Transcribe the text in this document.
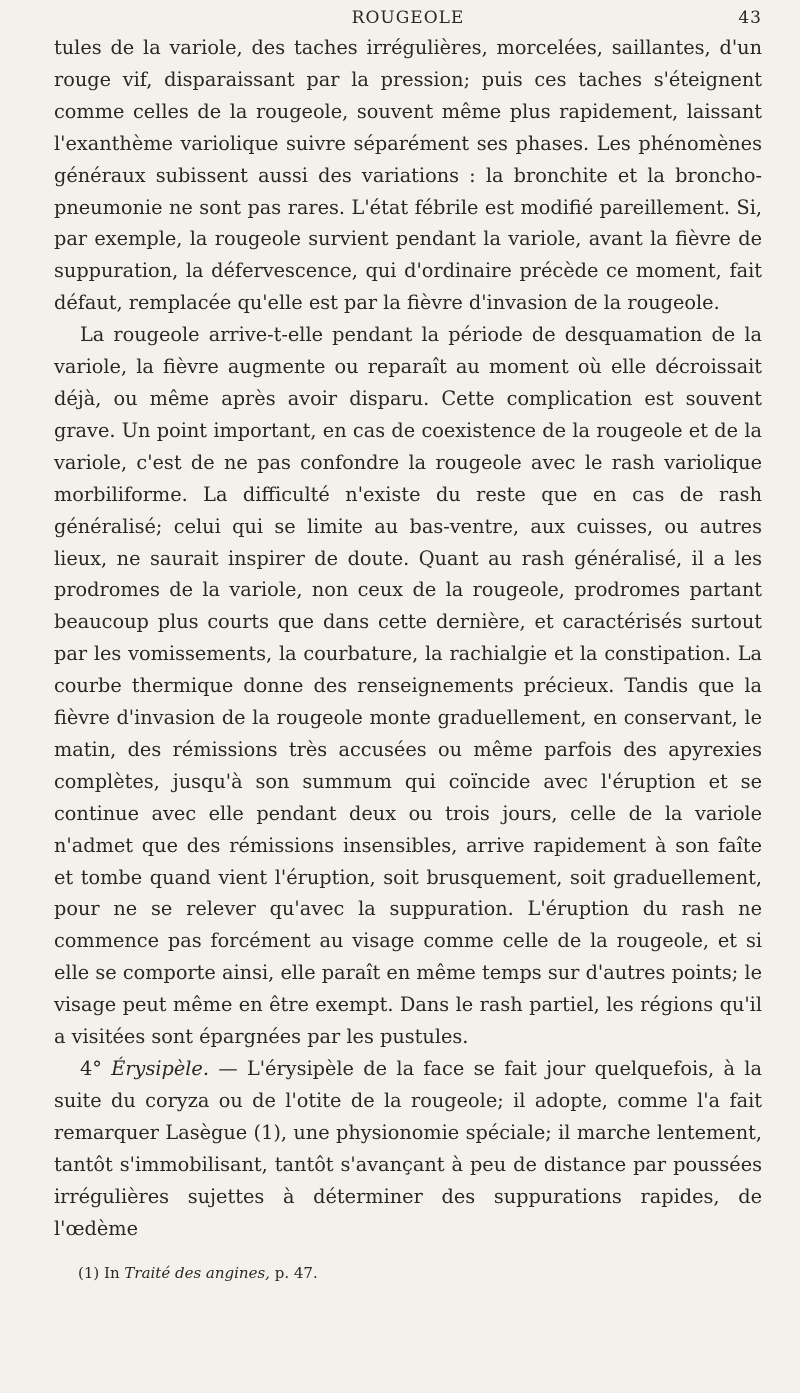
ROUGEOLE	43

tules de la variole, des taches irrégulières, morcelées, saillantes, d'un rouge vif, disparaissant par la pression; puis ces taches s'éteignent comme celles de la rougeole, souvent même plus rapidement, laissant l'exanthème variolique suivre séparément ses phases. Les phénomènes généraux subissent aussi des variations : la bronchite et la broncho-pneumonie ne sont pas rares. L'état fébrile est modifié pareillement. Si, par exemple, la rougeole survient pendant la variole, avant la fièvre de suppuration, la défervescence, qui d'ordinaire précède ce moment, fait défaut, remplacée qu'elle est par la fièvre d'invasion de la rougeole.

La rougeole arrive-t-elle pendant la période de desquamation de la variole, la fièvre augmente ou reparaît au moment où elle décroissait déjà, ou même après avoir disparu. Cette complication est souvent grave. Un point important, en cas de coexistence de la rougeole et de la variole, c'est de ne pas confondre la rougeole avec le rash variolique morbiliforme. La difficulté n'existe du reste que en cas de rash généralisé; celui qui se limite au bas-ventre, aux cuisses, ou autres lieux, ne saurait inspirer de doute. Quant au rash généralisé, il a les prodromes de la variole, non ceux de la rougeole, prodromes partant beaucoup plus courts que dans cette dernière, et caractérisés surtout par les vomissements, la courbature, la rachialgie et la constipation. La courbe thermique donne des renseignements précieux. Tandis que la fièvre d'invasion de la rougeole monte graduellement, en conservant, le matin, des rémissions très accusées ou même parfois des apyrexies complètes, jusqu'à son summum qui coïncide avec l'éruption et se continue avec elle pendant deux ou trois jours, celle de la variole n'admet que des rémissions insensibles, arrive rapidement à son faîte et tombe quand vient l'éruption, soit brusquement, soit graduellement, pour ne se relever qu'avec la suppuration. L'éruption du rash ne commence pas forcément au visage comme celle de la rougeole, et si elle se comporte ainsi, elle paraît en même temps sur d'autres points; le visage peut même en être exempt. Dans le rash partiel, les régions qu'il a visitées sont épargnées par les pustules.

4° Érysipèle. — L'érysipèle de la face se fait jour quelquefois, à la suite du coryza ou de l'otite de la rougeole; il adopte, comme l'a fait remarquer Lasègue (1), une physionomie spéciale; il marche lentement, tantôt s'immobilisant, tantôt s'avançant à peu de distance par poussées irrégulières sujettes à déterminer des suppurations rapides, de l'œdème

(1) In Traité des angines, p. 47.
